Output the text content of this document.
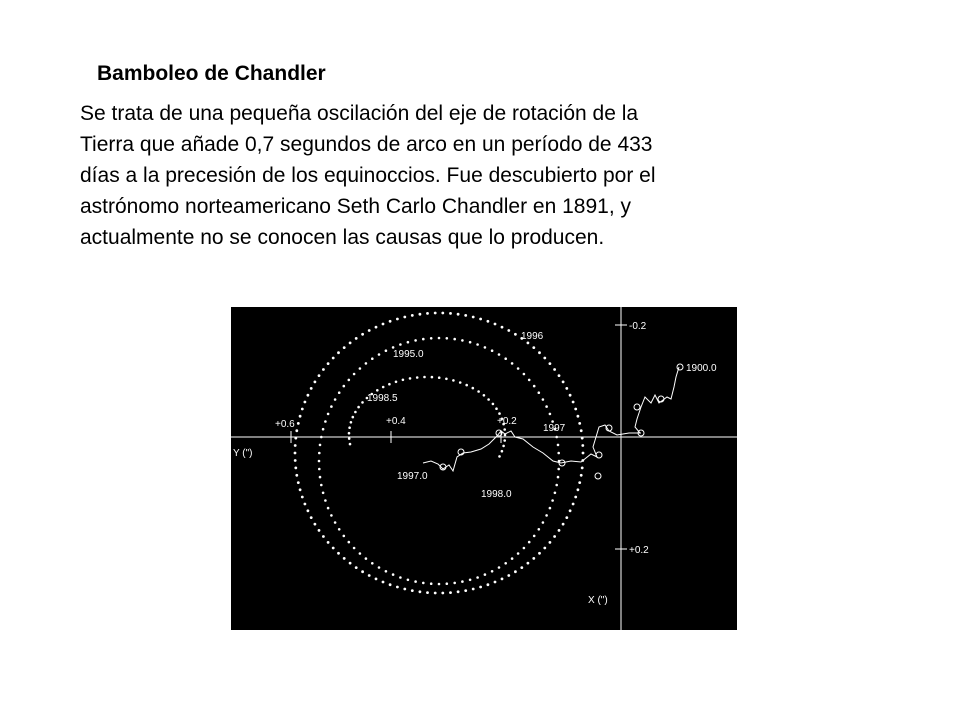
Bamboleo de Chandler
Se trata de una pequeña oscilación del eje de rotación de la
Tierra que añade 0,7 segundos de arco en un período de 433
días a la precesión de los equinoccios. Fue descubierto por el
astrónomo norteamericano Seth Carlo Chandler en 1891, y
actualmente no se conocen las causas que lo producen.
Y (")
X (")
+0.6	+0.4	+0.2
-0.2
+0.2
1996
1995.0
1998.5
1997
1997.0
1998.0
1900.0
